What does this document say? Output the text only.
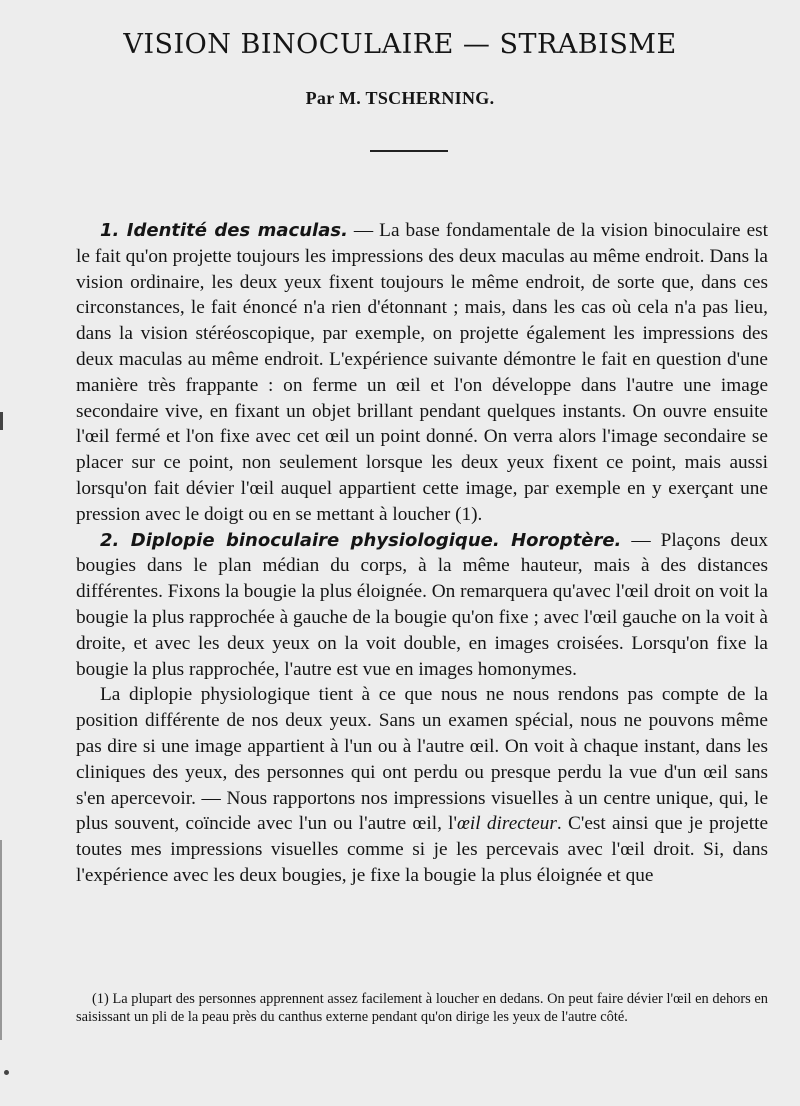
VISION BINOCULAIRE — STRABISME
Par M. TSCHERNING.

1. Identité des maculas. — La base fondamentale de la vision binoculaire est le fait qu'on projette toujours les impressions des deux maculas au même endroit. Dans la vision ordinaire, les deux yeux fixent toujours le même endroit, de sorte que, dans ces circonstances, le fait énoncé n'a rien d'étonnant ; mais, dans les cas où cela n'a pas lieu, dans la vision stéréoscopique, par exemple, on projette également les impressions des deux maculas au même endroit. L'expérience suivante démontre le fait en question d'une manière très frappante : on ferme un œil et l'on développe dans l'autre une image secondaire vive, en fixant un objet brillant pendant quelques instants. On ouvre ensuite l'œil fermé et l'on fixe avec cet œil un point donné. On verra alors l'image secondaire se placer sur ce point, non seulement lorsque les deux yeux fixent ce point, mais aussi lorsqu'on fait dévier l'œil auquel appartient cette image, par exemple en y exerçant une pression avec le doigt ou en se mettant à loucher (1).

2. Diplopie binoculaire physiologique. Horoptère. — Plaçons deux bougies dans le plan médian du corps, à la même hauteur, mais à des distances différentes. Fixons la bougie la plus éloignée. On remarquera qu'avec l'œil droit on voit la bougie la plus rapprochée à gauche de la bougie qu'on fixe ; avec l'œil gauche on la voit à droite, et avec les deux yeux on la voit double, en images croisées. Lorsqu'on fixe la bougie la plus rapprochée, l'autre est vue en images homonymes.

La diplopie physiologique tient à ce que nous ne nous rendons pas compte de la position différente de nos deux yeux. Sans un examen spécial, nous ne pouvons même pas dire si une image appartient à l'un ou à l'autre œil. On voit à chaque instant, dans les cliniques des yeux, des personnes qui ont perdu ou presque perdu la vue d'un œil sans s'en apercevoir. — Nous rapportons nos impressions visuelles à un centre unique, qui, le plus souvent, coïncide avec l'un ou l'autre œil, l'œil directeur. C'est ainsi que je projette toutes mes impressions visuelles comme si je les percevais avec l'œil droit. Si, dans l'expérience avec les deux bougies, je fixe la bougie la plus éloignée et que

(1) La plupart des personnes apprennent assez facilement à loucher en dedans. On peut faire dévier l'œil en dehors en saisissant un pli de la peau près du canthus externe pendant qu'on dirige les yeux de l'autre côté.
